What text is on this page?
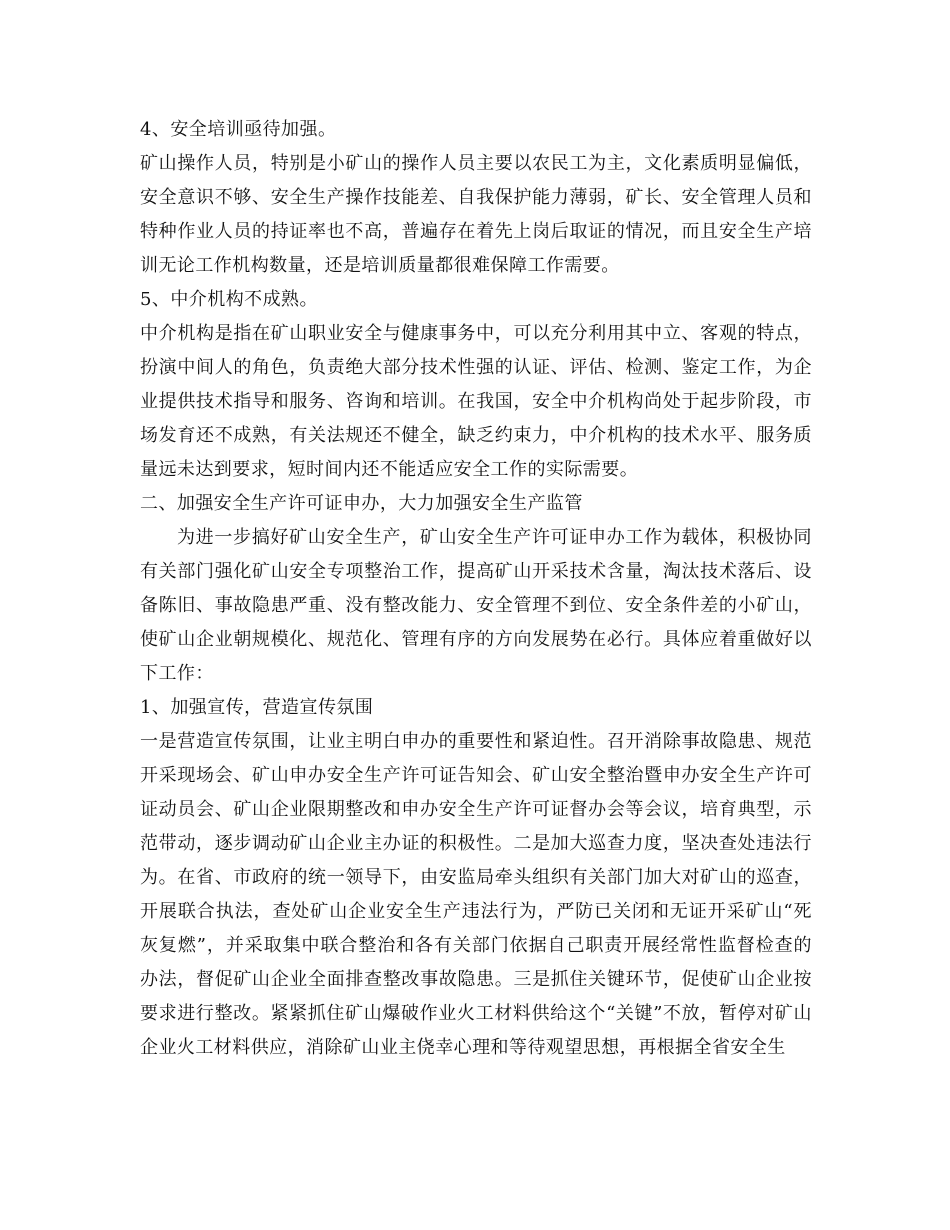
4、安全培训亟待加强。

矿山操作人员，特别是小矿山的操作人员主要以农民工为主，文化素质明显偏低，安全意识不够、安全生产操作技能差、自我保护能力薄弱，矿长、安全管理人员和特种作业人员的持证率也不高，普遍存在着先上岗后取证的情况，而且安全生产培训无论工作机构数量，还是培训质量都很难保障工作需要。

5、中介机构不成熟。

中介机构是指在矿山职业安全与健康事务中，可以充分利用其中立、客观的特点，扮演中间人的角色，负责绝大部分技术性强的认证、评估、检测、鉴定工作，为企业提供技术指导和服务、咨询和培训。在我国，安全中介机构尚处于起步阶段，市场发育还不成熟，有关法规还不健全，缺乏约束力，中介机构的技术水平、服务质量远未达到要求，短时间内还不能适应安全工作的实际需要。

二、加强安全生产许可证申办，大力加强安全生产监管

为进一步搞好矿山安全生产，矿山安全生产许可证申办工作为载体，积极协同有关部门强化矿山安全专项整治工作，提高矿山开采技术含量，淘汰技术落后、设备陈旧、事故隐患严重、没有整改能力、安全管理不到位、安全条件差的小矿山，使矿山企业朝规模化、规范化、管理有序的方向发展势在必行。具体应着重做好以下工作：

1、加强宣传，营造宣传氛围

一是营造宣传氛围，让业主明白申办的重要性和紧迫性。召开消除事故隐患、规范开采现场会、矿山申办安全生产许可证告知会、矿山安全整治暨申办安全生产许可证动员会、矿山企业限期整改和申办安全生产许可证督办会等会议，培育典型，示范带动，逐步调动矿山企业主办证的积极性。二是加大巡查力度，坚决查处违法行为。在省、市政府的统一领导下，由安监局牵头组织有关部门加大对矿山的巡查，开展联合执法，查处矿山企业安全生产违法行为，严防已关闭和无证开采矿山“死灰复燃”，并采取集中联合整治和各有关部门依据自己职责开展经常性监督检查的办法，督促矿山企业全面排查整改事故隐患。三是抓住关键环节，促使矿山企业按要求进行整改。紧紧抓住矿山爆破作业火工材料供给这个“关键”不放，暂停对矿山企业火工材料供应，消除矿山业主侥幸心理和等待观望思想，再根据全省安全生
